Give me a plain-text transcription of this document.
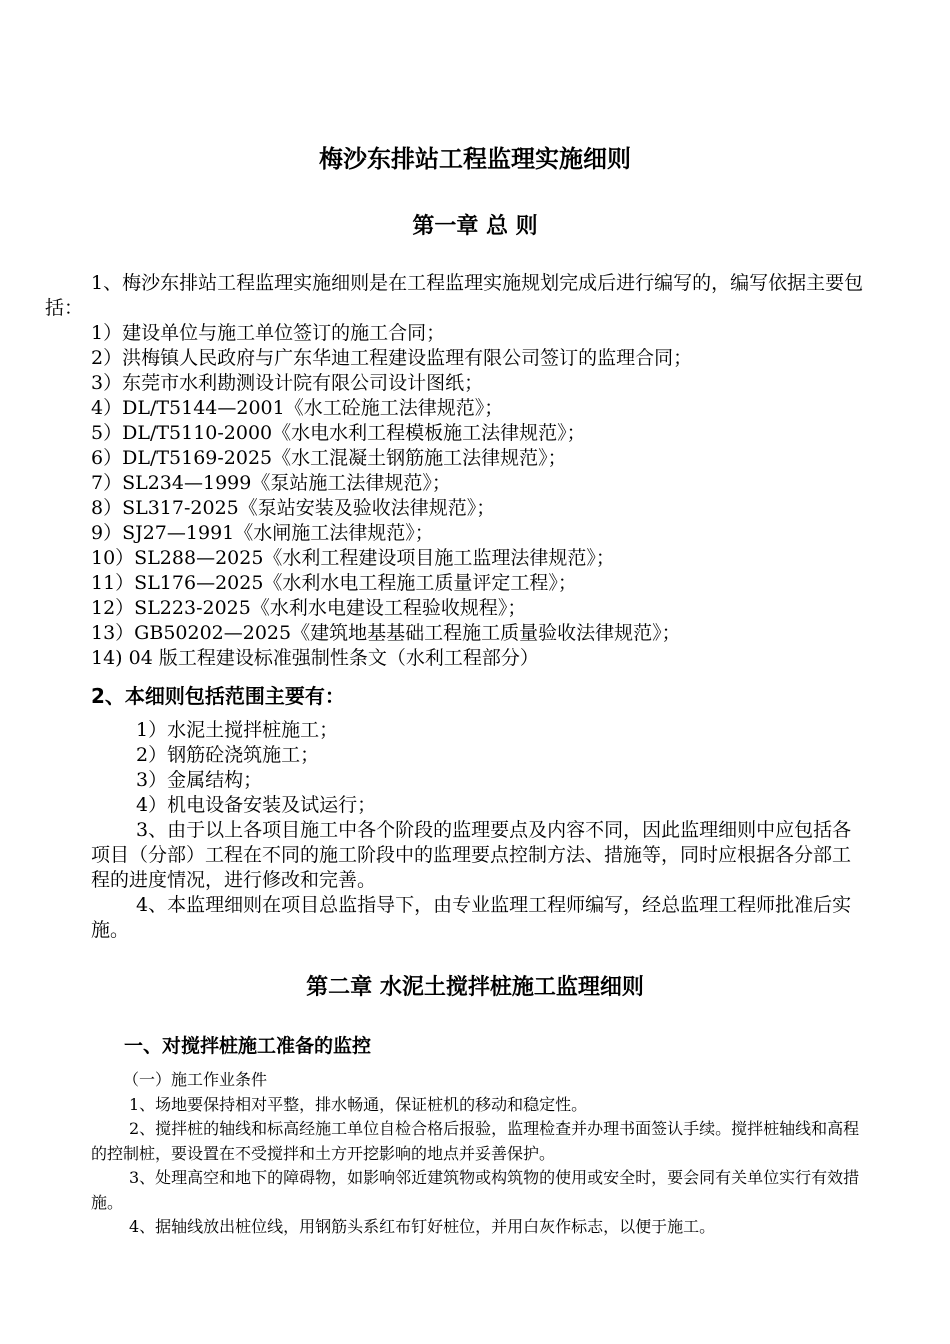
梅沙东排站工程监理实施细则
第一章 总 则

1、梅沙东排站工程监理实施细则是在工程监理实施规划完成后进行编写的，编写依据主要包括：

1）建设单位与施工单位签订的施工合同；

2）洪梅镇人民政府与广东华迪工程建设监理有限公司签订的监理合同；

3）东莞市水利勘测设计院有限公司设计图纸；

4）DL/T5144—2001《水工砼施工法律规范》；

5）DL/T5110-2000《水电水利工程模板施工法律规范》；

6）DL/T5169-2025《水工混凝土钢筋施工法律规范》；

7）SL234—1999《泵站施工法律规范》；

8）SL317-2025《泵站安装及验收法律规范》；

9）SJ27—1991《水闸施工法律规范》；

10）SL288—2025《水利工程建设项目施工监理法律规范》；

11）SL176—2025《水利水电工程施工质量评定工程》；

12）SL223-2025《水利水电建设工程验收规程》；

13）GB50202—2025《建筑地基基础工程施工质量验收法律规范》；

14) 04 版工程建设标准强制性条文（水利工程部分）

2、本细则包括范围主要有：

1）水泥土搅拌桩施工；

2）钢筋砼浇筑施工；

3）金属结构；

4）机电设备安装及试运行；

3、由于以上各项目施工中各个阶段的监理要点及内容不同，因此监理细则中应包括各项目（分部）工程在不同的施工阶段中的监理要点控制方法、措施等，同时应根据各分部工程的进度情况，进行修改和完善。

4、本监理细则在项目总监指导下，由专业监理工程师编写，经总监理工程师批准后实施。

第二章 水泥土搅拌桩施工监理细则
一、对搅拌桩施工准备的监控

（一）施工作业条件

1、场地要保持相对平整，排水畅通，保证桩机的移动和稳定性。

2、搅拌桩的轴线和标高经施工单位自检合格后报验，监理检查并办理书面签认手续。搅拌桩轴线和高程的控制桩，要设置在不受搅拌和土方开挖影响的地点并妥善保护。

3、处理高空和地下的障碍物，如影响邻近建筑物或构筑物的使用或安全时，要会同有关单位实行有效措施。

4、据轴线放出桩位线，用钢筋头系红布钉好桩位，并用白灰作标志，以便于施工。
